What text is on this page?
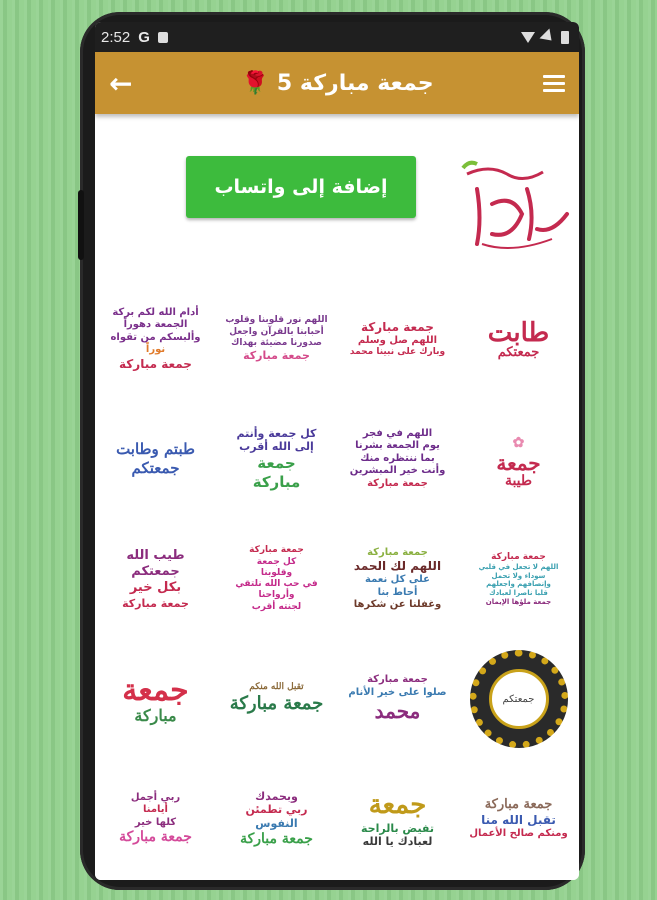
2:52 G
←	جمعة مباركة 5 🌹
إضافة إلى واتساب
طابت
جمعتكم
جمعة مباركة
اللهم صل وسلم
وبارك على نبينا محمد
اللهم نور قلوبنا وقلوب
أحبابنا بالقرآن واجعل
صدورنا مضيئة بهداك
جمعة مباركة
أدام الله لكم بركة
الجمعة دهوراً
وألبسكم من تقواه
نوراً
جمعة مباركة
✿
جمعة
طيبة
اللهم في فجر
يوم الجمعة بشرنا
بما ننتظره منك
وأنت خير المبشرين
جمعة مباركة
كل جمعة وأنتم
إلى الله أقرب
جمعة
مباركة
طبتم وطابت
جمعتكم
جمعة مباركة
اللهم لا تجعل في قلبي
سوداء ولا تحمل
وإنصافهم واجعلهم
قلبا ناصرا لعبادك
جمعة ملؤها الإيمان
جمعة مباركة
اللهم لك الحمد
على كل نعمة
أحاط بنا
وغفلنا عن شكرها
جمعة مباركة
كل جمعة
وقلوبنا
في حب الله نلتقي
وأرواحنا
لجنته أقرب
طيب الله
جمعتكم
بكل خير
جمعة مباركة
جمعتكم
جمعة مباركة
صلوا على خير الأنام
محمد
تقبل الله منكم
جمعة مباركة
جمعة
مباركة
جمعة مباركة
تقبل الله منا
ومنكم صالح الأعمال
جمعة
تفيض بالراحة
لعبادك يا الله
وبحمدك
ربي تطمئن
النفوس
جمعة مباركة
ربي أجمل
أيامنا
كلها خير
جمعة مباركة
